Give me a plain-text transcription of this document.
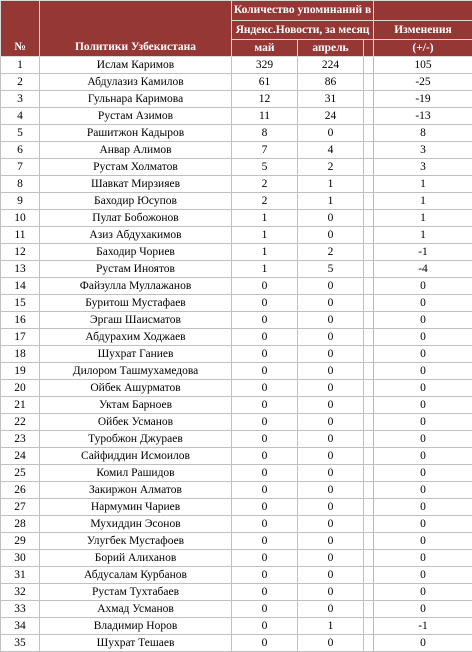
№	Политики Узбекистана	Количество упоминаний в			
		Яндекс.Новости, за месяц			Изменения
		май	апрель		(+/-)
1	Ислам Каримов	329	224		105
2	Абдулазиз Камилов	61	86		-25
3	Гульнара Каримова	12	31		-19
4	Рустам Азимов	11	24		-13
5	Рашитжон Кадыров	8	0		8
6	Анвар Алимов	7	4		3
7	Рустам Холматов	5	2		3
8	Шавкат Мирзияев	2	1		1
9	Баходир Юсупов	2	1		1
10	Пулат Бобожонов	1	0		1
11	Азиз Абдухакимов	1	0		1
12	Баходир Чориев	1	2		-1
13	Рустам Иноятов	1	5		-4
14	Файзулла Муллажанов	0	0		0
15	Буритош Мустафаев	0	0		0
16	Эргаш Шаисматов	0	0		0
17	Абдурахим Ходжаев	0	0		0
18	Шухрат Ганиев	0	0		0
19	Дилором Ташмухамедова	0	0		0
20	Ойбек Ашурматов	0	0		0
21	Уктам Барноев	0	0		0
22	Ойбек Усманов	0	0		0
23	Туробжон Джураев	0	0		0
24	Сайфиддин Исмоилов	0	0		0
25	Комил Рашидов	0	0		0
26	Закиржон Алматов	0	0		0
27	Нармумин Чариев	0	0		0
28	Мухиддин Эсонов	0	0		0
29	Улугбек Мустафоев	0	0		0
30	Борий Алиханов	0	0		0
31	Абдусалам Курбанов	0	0		0
32	Рустам Тухтабаев	0	0		0
33	Ахмад Усманов	0	0		0
34	Владимир Норов	0	1		-1
35	Шухрат Тешаев	0	0		0
